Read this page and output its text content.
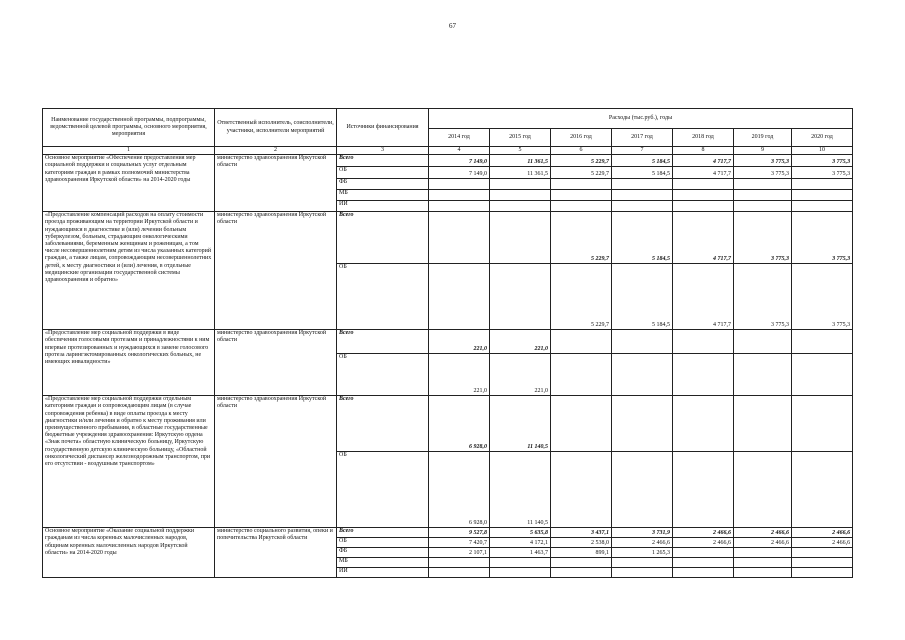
67
Наименование государственной программы, подпрограммы, ведомственной целевой программы, основного мероприятия, мероприятия	Ответственный исполнитель, соисполнители, участники, исполнители мероприятий	Источники финансирования	Расходы (тыс.руб.), годы						
			2014 год	2015 год	2016 год	2017 год	2018 год	2019 год	2020 год
1	2	3	4	5	6	7	8	9	10
Основное мероприятие «Обеспечение предоставления мер социальной поддержки и социальных услуг отдельным категориям граждан в рамках полномочий министерства здравоохранения Иркутской области» на 2014-2020 годы	министерство здравоохранения Иркутской области	Всего	7 149,0	11 361,5	5 229,7	5 184,5	4 717,7	3 775,3	3 775,3
		ОБ	7 149,0	11 361,5	5 229,7	5 184,5	4 717,7	3 775,3	3 775,3
		ФБ							
		МБ							
		ИИ							
«Предоставление компенсаций расходов на оплату стоимости проезда проживающим на территории Иркутской области и нуждающимся в диагностике и (или) лечении больным туберкулезом, больным, страдающим онкологическими заболеваниями, беременным женщинам и роженицам, а том числе несовершеннолетним детям из числа указанных категорий граждан, а также лицам, сопровождающим несовершеннолетних детей, к месту диагностики и (или) лечения, в отдельные медицинские организации государственной системы здравоохранения и обратно»	министерство здравоохранения Иркутской области	Всего			5 229,7	5 184,5	4 717,7	3 775,3	3 775,3
		ОБ			5 229,7	5 184,5	4 717,7	3 775,3	3 775,3
«Предоставление мер социальной поддержки в виде обеспечения голосовыми протезами и принадлежностями к ним впервые протезированных и нуждающихся в замене голосового протеза ларингэктомированных онкологических больных, не имеющих инвалидности»	министерство здравоохранения Иркутской области	Всего	221,0	221,0					
		ОБ	221,0	221,0					
«Предоставление мер социальной поддержки отдельным категориям граждан и сопровождающим лицам (в случае сопровождения ребенка) в виде оплаты проезда к месту диагностики и/или лечения и обратно к месту проживания или преимущественного пребывания, в областные государственные бюджетные учреждения здравоохранения: Иркутскую ордена «Знак почета» областную клиническую больницу, Иркутскую государственную детскую клиническую больницу, «Областной онкологический диспансер железнодорожным транспортом, при его отсутствии - воздушным транспортом»	министерство здравоохранения Иркутской области	Всего	6 928,0	11 140,5					
		ОБ	6 928,0	11 140,5					
Основное мероприятие «Оказание социальной поддержки гражданам из числа коренных малочисленных народов, общинам коренных малочисленных народов Иркутской области» на 2014-2020 годы	министерство социального развития, опеки и попечительства Иркутской области	Всего	9 527,8	5 635,8	3 437,1	3 731,9	2 466,6	2 466,6	2 466,6
		ОБ	7 420,7	4 172,1	2 538,0	2 466,6	2 466,6	2 466,6	2 466,6
		ФБ	2 107,1	1 463,7	899,1	1 265,3			
		МБ							
		ИИ							
